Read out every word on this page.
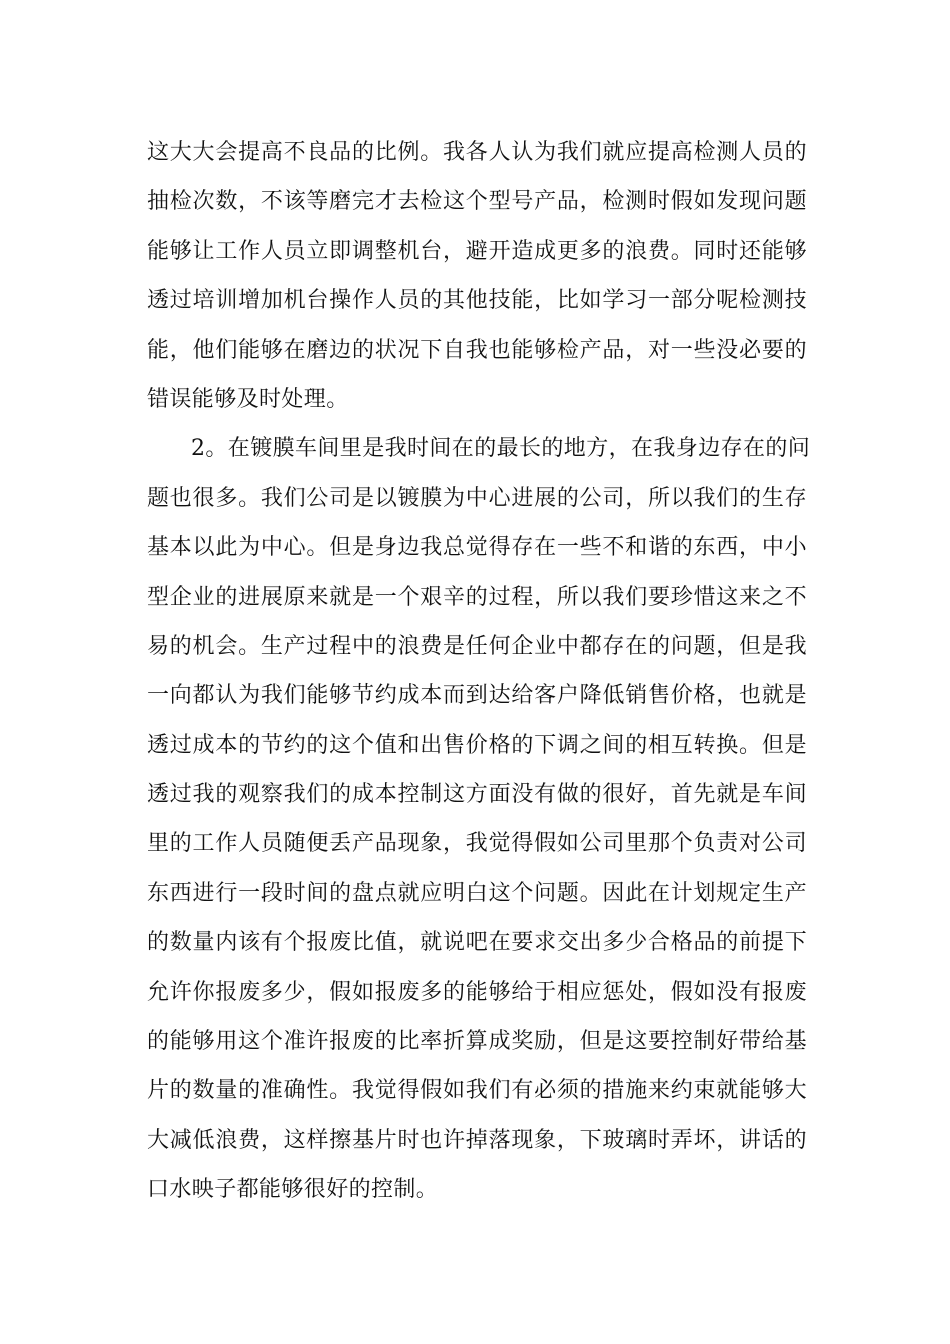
这大大会提高不良品的比例。我各人认为我们就应提高检测人员的
抽检次数，不该等磨完才去检这个型号产品，检测时假如发现问题
能够让工作人员立即调整机台，避开造成更多的浪费。同时还能够
透过培训增加机台操作人员的其他技能，比如学习一部分呢检测技
能，他们能够在磨边的状况下自我也能够检产品，对一些没必要的
错误能够及时处理。
2。在镀膜车间里是我时间在的最长的地方，在我身边存在的问
题也很多。我们公司是以镀膜为中心进展的公司，所以我们的生存
基本以此为中心。但是身边我总觉得存在一些不和谐的东西，中小
型企业的进展原来就是一个艰辛的过程，所以我们要珍惜这来之不
易的机会。生产过程中的浪费是任何企业中都存在的问题，但是我
一向都认为我们能够节约成本而到达给客户降低销售价格，也就是
透过成本的节约的这个值和出售价格的下调之间的相互转换。但是
透过我的观察我们的成本控制这方面没有做的很好，首先就是车间
里的工作人员随便丢产品现象，我觉得假如公司里那个负责对公司
东西进行一段时间的盘点就应明白这个问题。因此在计划规定生产
的数量内该有个报废比值，就说吧在要求交出多少合格品的前提下
允许你报废多少，假如报废多的能够给于相应惩处，假如没有报废
的能够用这个准许报废的比率折算成奖励，但是这要控制好带给基
片的数量的准确性。我觉得假如我们有必须的措施来约束就能够大
大减低浪费，这样擦基片时也许掉落现象，下玻璃时弄坏，讲话的
口水映子都能够很好的控制。
